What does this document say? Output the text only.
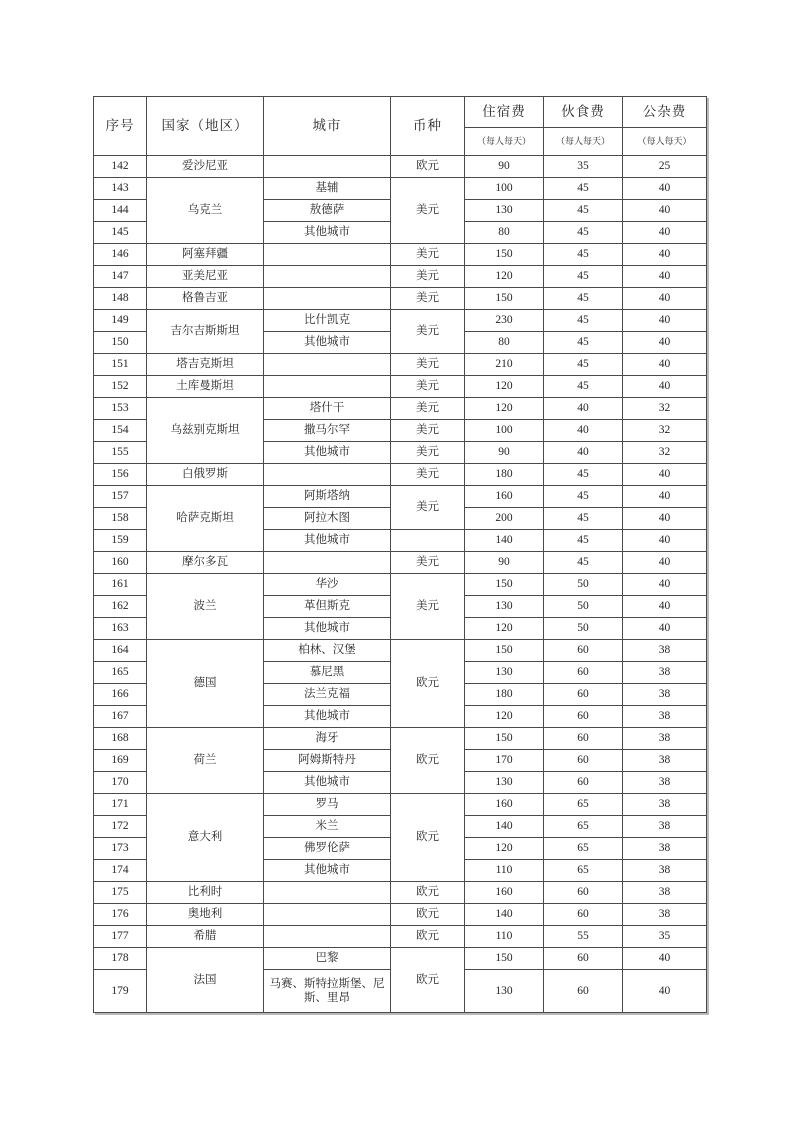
序号	国家（地区）	城市	币种	住宿费	伙食费	公杂费
				（每人每天）	（每人每天）	（每人每天）
142	爱沙尼亚		欧元	90	35	25
143	乌克兰	基辅	美元	100	45	40
144		敖德萨		130	45	40
145		其他城市		80	45	40
146	阿塞拜疆		美元	150	45	40
147	亚美尼亚		美元	120	45	40
148	格鲁吉亚		美元	150	45	40
149	吉尔吉斯斯坦	比什凯克	美元	230	45	40
150		其他城市		80	45	40
151	塔吉克斯坦		美元	210	45	40
152	土库曼斯坦		美元	120	45	40
153	乌兹别克斯坦	塔什干	美元	120	40	32
154		撒马尔罕	美元	100	40	32
155		其他城市	美元	90	40	32
156	白俄罗斯		美元	180	45	40
157	哈萨克斯坦	阿斯塔纳	美元	160	45	40
158		阿拉木图		200	45	40
159		其他城市		140	45	40
160	摩尔多瓦		美元	90	45	40
161	波兰	华沙	美元	150	50	40
162		革但斯克		130	50	40
163		其他城市		120	50	40
164	德国	柏林、汉堡	欧元	150	60	38
165		慕尼黑		130	60	38
166		法兰克福		180	60	38
167		其他城市		120	60	38
168	荷兰	海牙	欧元	150	60	38
169		阿姆斯特丹		170	60	38
170		其他城市		130	60	38
171	意大利	罗马	欧元	160	65	38
172		米兰		140	65	38
173		佛罗伦萨		120	65	38
174		其他城市		110	65	38
175	比利时		欧元	160	60	38
176	奥地利		欧元	140	60	38
177	希腊		欧元	110	55	35
178	法国	巴黎	欧元	150	60	40
179		马赛、斯特拉斯堡、尼斯、里昂		130	60	40
